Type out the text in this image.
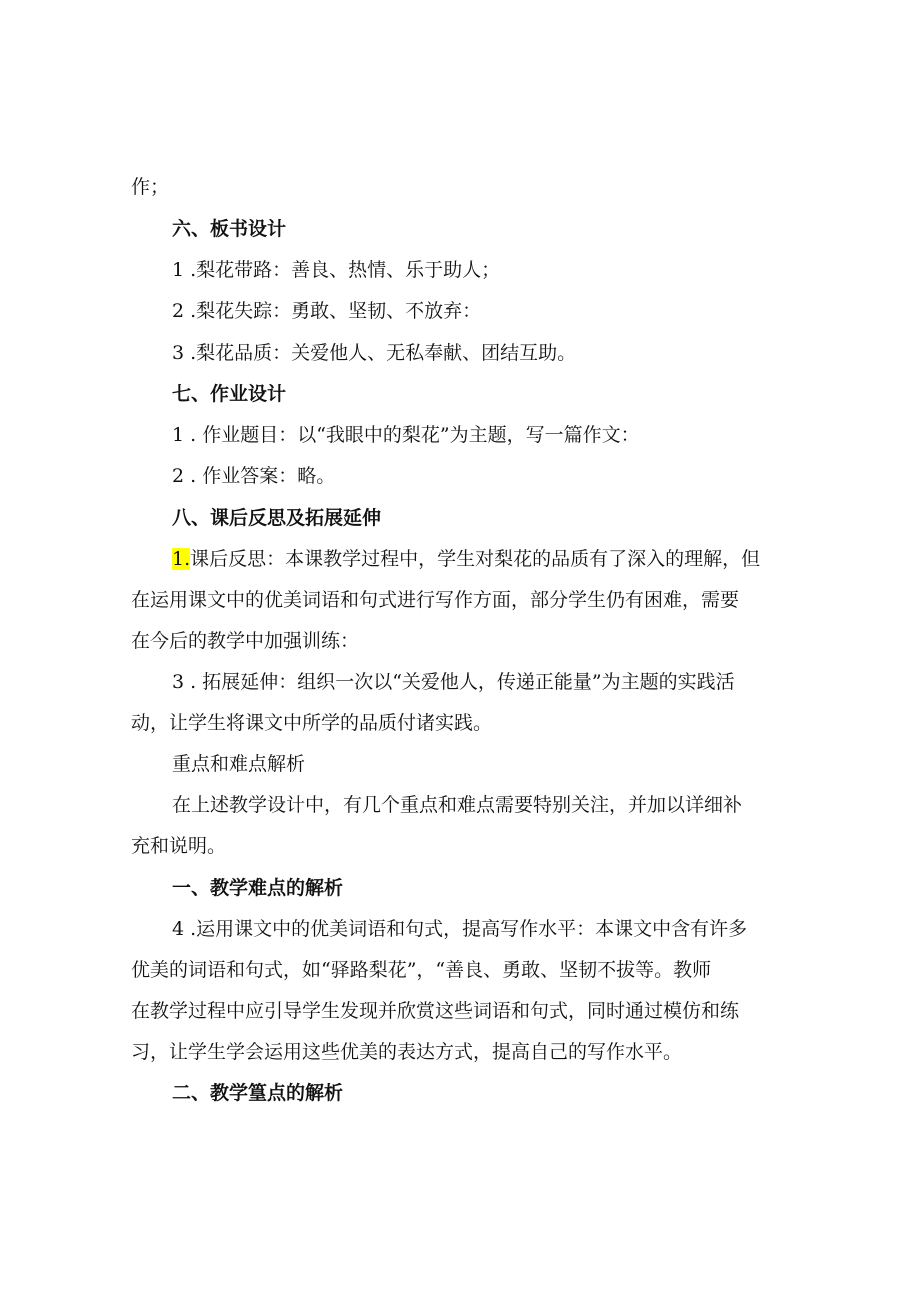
作；
六、板书设计
1 .梨花带路：善良、热情、乐于助人；
2 .梨花失踪：勇敢、坚韧、不放弃：
3 .梨花品质：关爱他人、无私奉献、团结互助。
七、作业设计
1 . 作业题目：以“我眼中的梨花”为主题，写一篇作文：
2 . 作业答案：略。
八、课后反思及拓展延伸
1.课后反思：本课教学过程中，学生对梨花的品质有了深入的理解，但
在运用课文中的优美词语和句式进行写作方面，部分学生仍有困难，需要
在今后的教学中加强训练：
3 . 拓展延伸：组织一次以“关爱他人，传递正能量”为主题的实践活
动，让学生将课文中所学的品质付诸实践。
重点和难点解析
在上述教学设计中，有几个重点和难点需要特别关注，并加以详细补
充和说明。
一、教学难点的解析
4 .运用课文中的优美词语和句式，提高写作水平：本课文中含有许多
优美的词语和句式，如“驿路梨花”，“善良、勇敢、坚韧不拔等。教师
在教学过程中应引导学生发现并欣赏这些词语和句式，同时通过模仿和练
习，让学生学会运用这些优美的表达方式，提高自己的写作水平。
二、教学篁点的解析
